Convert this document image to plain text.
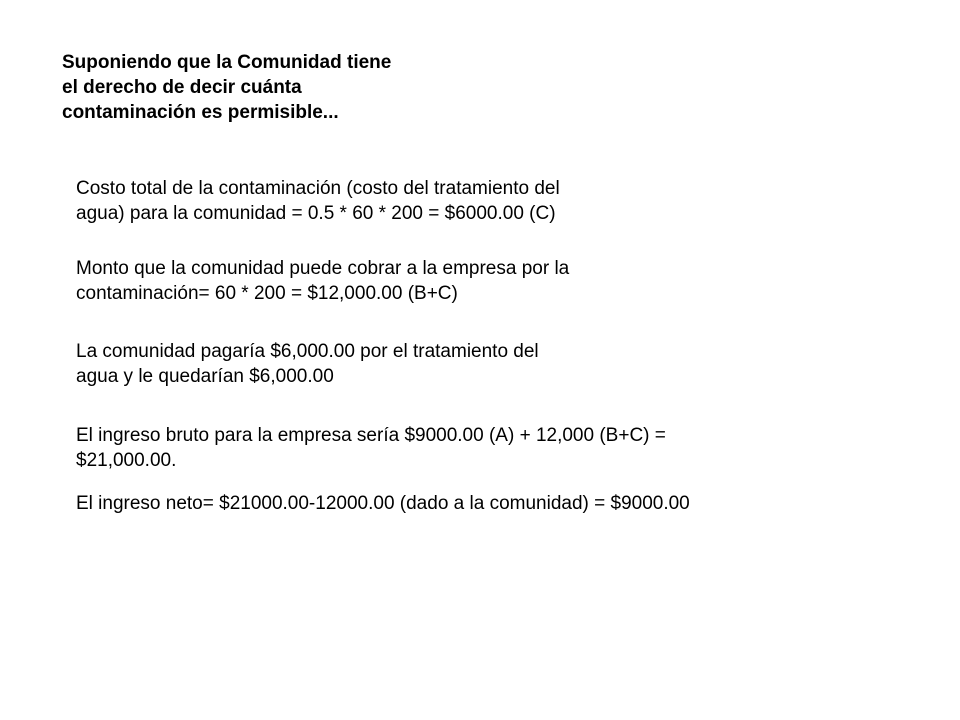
Suponiendo que la Comunidad tiene
el derecho de decir cuánta
contaminación es permisible...
Costo total de la contaminación (costo del tratamiento del
agua) para la comunidad = 0.5 * 60 * 200 = $6000.00 (C)
Monto que la comunidad puede cobrar a la empresa por la
contaminación= 60 * 200 = $12,000.00 (B+C)
La comunidad pagaría $6,000.00 por el tratamiento del
agua y le quedarían $6,000.00
El ingreso bruto para la empresa sería $9000.00 (A) + 12,000 (B+C) =
$21,000.00.
El ingreso neto= $21000.00-12000.00 (dado a la comunidad) = $9000.00
